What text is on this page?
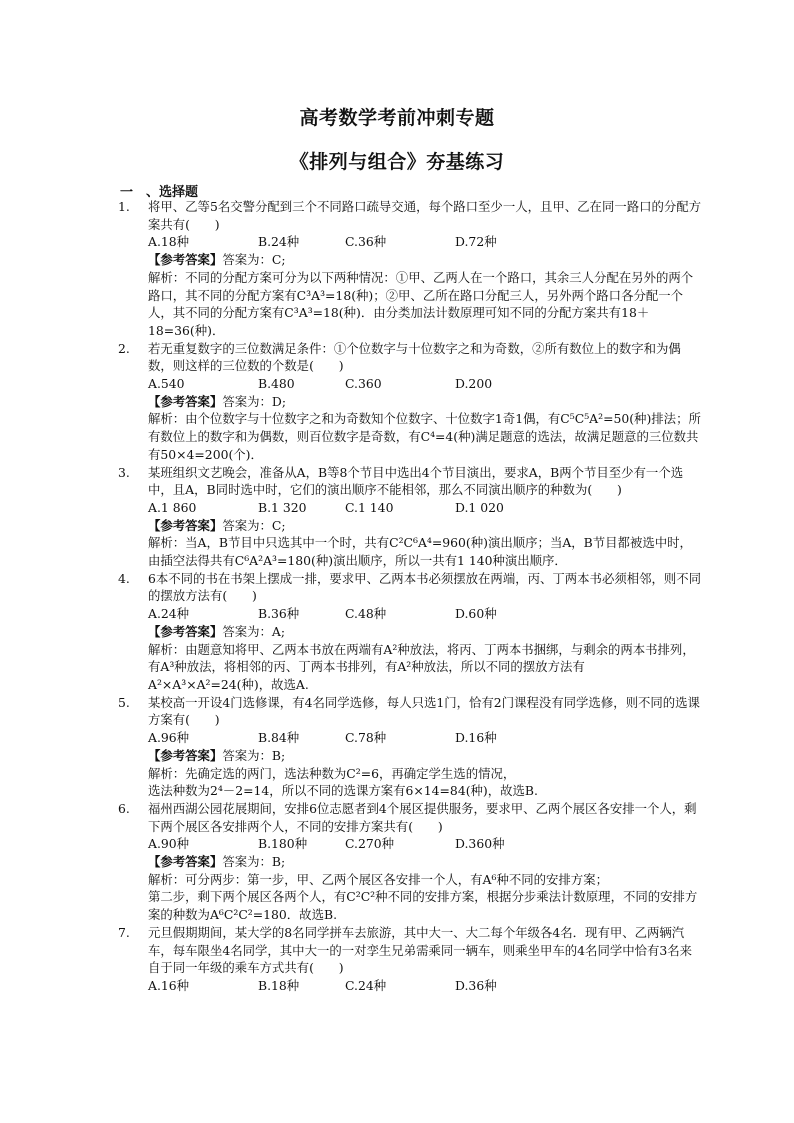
高考数学考前冲刺专题
《排列与组合》夯基练习
一　、选择题

1. 将甲、乙等5名交警分配到三个不同路口疏导交通，每个路口至少一人，且甲、乙在同一路口的分配方案共有(　　)

A.18种	B.24种	C.36种	D.72种

【参考答案】答案为：C;

解析：不同的分配方案可分为以下两种情况：①甲、乙两人在一个路口，其余三人分配在另外的两个路口，其不同的分配方案有C³A³=18(种)；②甲、乙所在路口分配三人，另外两个路口各分配一个人，其不同的分配方案有C³A³=18(种)．由分类加法计数原理可知不同的分配方案共有18＋18=36(种)．

2. 若无重复数字的三位数满足条件：①个位数字与十位数字之和为奇数，②所有数位上的数字和为偶数，则这样的三位数的个数是(　　)

A.540	B.480	C.360	D.200

【参考答案】答案为：D;

解析：由个位数字与十位数字之和为奇数知个位数字、十位数字1奇1偶，有C⁵C⁵A²=50(种)排法；所有数位上的数字和为偶数，则百位数字是奇数，有C⁴=4(种)满足题意的选法，故满足题意的三位数共有50×4=200(个)．

3. 某班组织文艺晚会，准备从A，B等8个节目中选出4个节目演出，要求A，B两个节目至少有一个选中，且A，B同时选中时，它们的演出顺序不能相邻，那么不同演出顺序的种数为(　　)

A.1 860	B.1 320	C.1 140	D.1 020

【参考答案】答案为：C;

解析：当A，B节目中只选其中一个时，共有C²C⁶A⁴=960(种)演出顺序；当A，B节目都被选中时，由插空法得共有C⁶A²A³=180(种)演出顺序，所以一共有1 140种演出顺序．

4. 6本不同的书在书架上摆成一排，要求甲、乙两本书必须摆放在两端，丙、丁两本书必须相邻，则不同的摆放方法有(　　)

A.24种	B.36种	C.48种	D.60种

【参考答案】答案为：A;

解析：由题意知将甲、乙两本书放在两端有A²种放法，将丙、丁两本书捆绑，与剩余的两本书排列，有A³种放法，将相邻的丙、丁两本书排列，有A²种放法，所以不同的摆放方法有A²×A³×A²=24(种)，故选A.

5. 某校高一开设4门选修课，有4名同学选修，每人只选1门，恰有2门课程没有同学选修，则不同的选课方案有(　　)

A.96种	B.84种	C.78种	D.16种

【参考答案】答案为：B;

解析：先确定选的两门，选法种数为C²=6，再确定学生选的情况，

选法种数为2⁴－2=14，所以不同的选课方案有6×14=84(种)，故选B.

6. 福州西湖公园花展期间，安排6位志愿者到4个展区提供服务，要求甲、乙两个展区各安排一个人，剩下两个展区各安排两个人，不同的安排方案共有(　　)

A.90种	B.180种	C.270种	D.360种

【参考答案】答案为：B;

解析：可分两步：第一步，甲、乙两个展区各安排一个人，有A⁶种不同的安排方案；

第二步，剩下两个展区各两个人，有C²C²种不同的安排方案，根据分步乘法计数原理，不同的安排方案的种数为A⁶C²C²=180．故选B.

7. 元旦假期期间，某大学的8名同学拼车去旅游，其中大一、大二每个年级各4名．现有甲、乙两辆汽车，每车限坐4名同学，其中大一的一对孪生兄弟需乘同一辆车，则乘坐甲车的4名同学中恰有3名来自于同一年级的乘车方式共有(　　)

A.16种	B.18种	C.24种	D.36种
